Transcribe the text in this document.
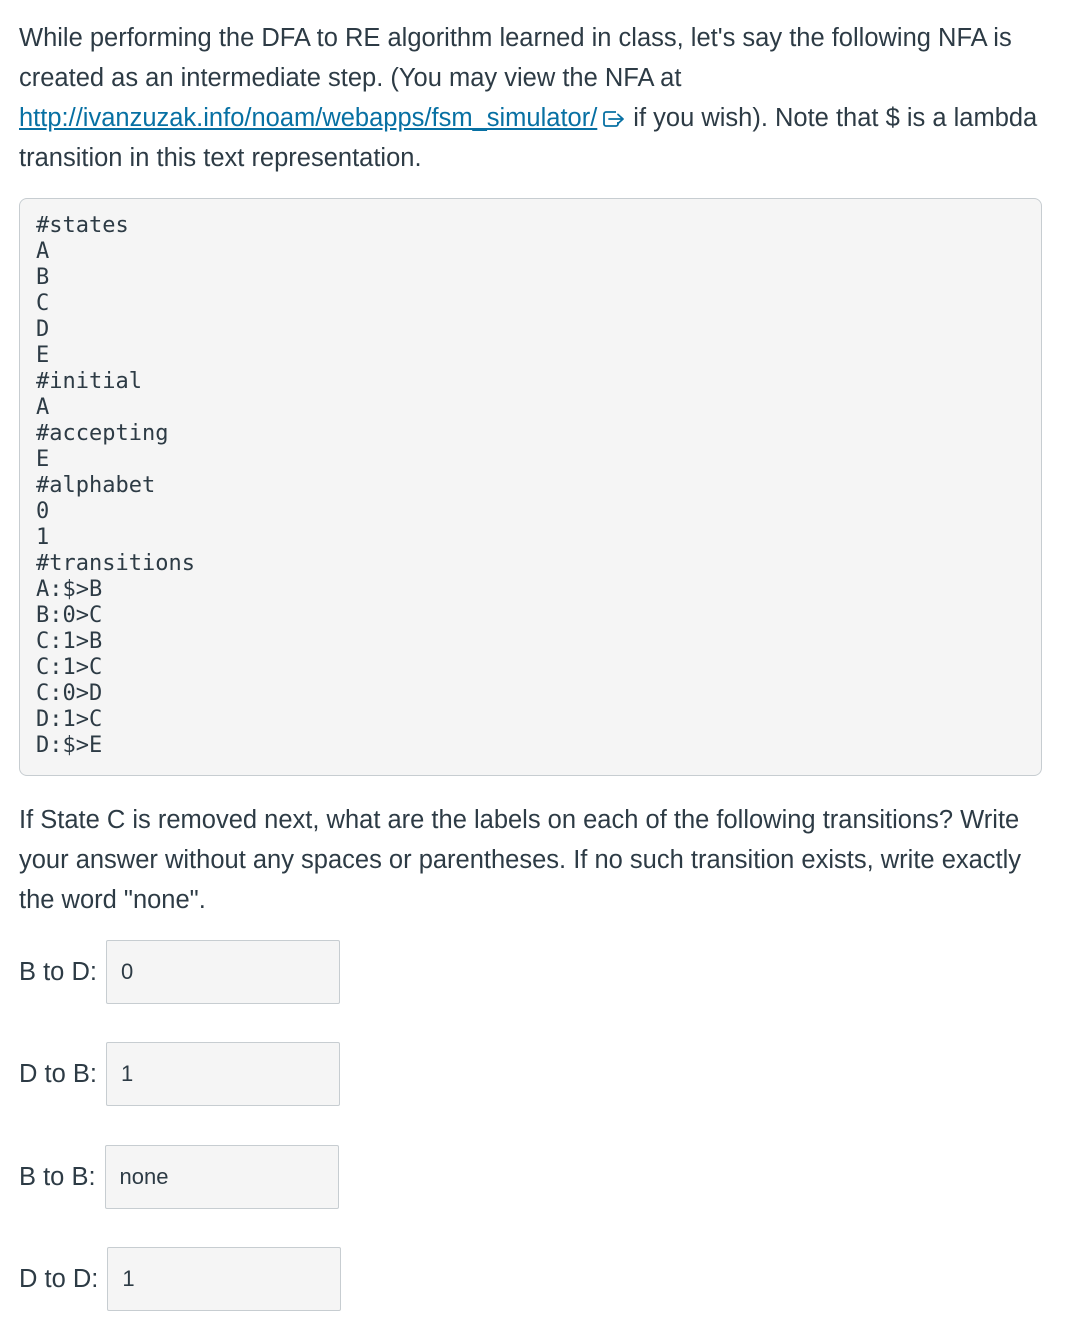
While performing the DFA to RE algorithm learned in class, let's say the following NFA is created as an intermediate step. (You may view the NFA at http://ivanzuzak.info/noam/webapps/fsm_simulator/ if you wish). Note that $ is a lambda transition in this text representation.

#states
A
B
C
D
E
#initial
A
#accepting
E
#alphabet
0
1
#transitions
A:$>B
B:0>C
C:1>B
C:1>C
C:0>D
D:1>C
D:$>E

If State C is removed next, what are the labels on each of the following transitions? Write your answer without any spaces or parentheses. If no such transition exists, write exactly the word "none".

B to D:
0
D to B:
1
B to B:
none
D to D:
1
